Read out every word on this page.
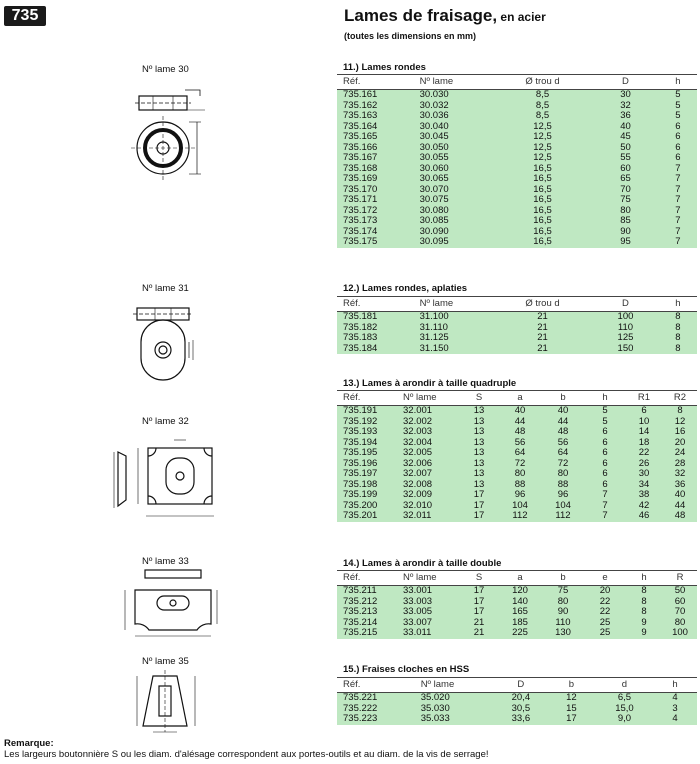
735	Lames de fraisage, en acier
(toutes les dimensions en mm)
Nº lame 30
Nº lame 31
Nº lame 32
Nº lame 33
Nº lame 35
11.) Lames rondes
Réf.	Nº lame	Ø trou d	D	h
735.161	30.030	8,5	30	5
735.162	30.032	8,5	32	5
735.163	30.036	8,5	36	5
735.164	30.040	12,5	40	6
735.165	30.045	12,5	45	6
735.166	30.050	12,5	50	6
735.167	30.055	12,5	55	6
735.168	30.060	16,5	60	7
735.169	30.065	16,5	65	7
735.170	30.070	16,5	70	7
735.171	30.075	16,5	75	7
735.172	30.080	16,5	80	7
735.173	30.085	16,5	85	7
735.174	30.090	16,5	90	7
735.175	30.095	16,5	95	7
12.) Lames rondes, aplaties
Réf.	Nº lame	Ø trou d	D	h
735.181	31.100	21	100	8
735.182	31.110	21	110	8
735.183	31.125	21	125	8
735.184	31.150	21	150	8
13.) Lames à arondir à taille quadruple
Réf.	Nº lame	S	a	b	h	R1	R2
735.191	32.001	13	40	40	5	6	8
735.192	32.002	13	44	44	5	10	12
735.193	32.003	13	48	48	6	14	16
735.194	32.004	13	56	56	6	18	20
735.195	32.005	13	64	64	6	22	24
735.196	32.006	13	72	72	6	26	28
735.197	32.007	13	80	80	6	30	32
735.198	32.008	13	88	88	6	34	36
735.199	32.009	17	96	96	7	38	40
735.200	32.010	17	104	104	7	42	44
735.201	32.011	17	112	112	7	46	48
14.) Lames à arondir à taille double
Réf.	Nº lame	S	a	b	e	h	R
735.211	33.001	17	120	75	20	8	50
735.212	33.003	17	140	80	22	8	60
735.213	33.005	17	165	90	22	8	70
735.214	33.007	21	185	110	25	9	80
735.215	33.011	21	225	130	25	9	100
15.) Fraises cloches en HSS
Réf.	Nº lame	D	b	d	h
735.221	35.020	20,4	12	6,5	4
735.222	35.030	30,5	15	15,0	3
735.223	35.033	33,6	17	9,0	4
Remarque:
Les largeurs boutonnière S ou les diam. d'alésage correspondent aux portes-outils et au diam. de la vis de serrage!
